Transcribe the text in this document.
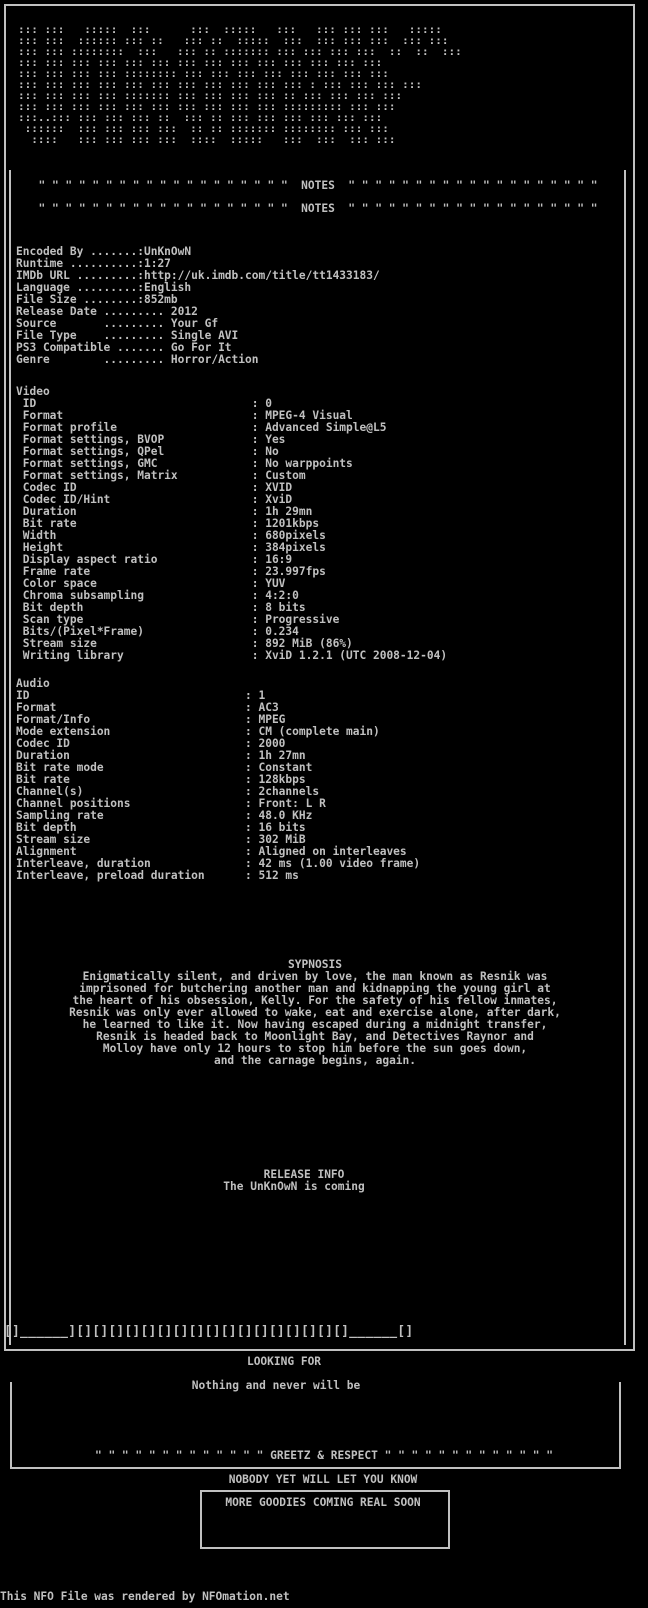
::: :::   :::::  :::      :::  :::::   :::   ::: ::: :::   :::::
::: :::  :::::: ::: ::   ::: ::  :::::  :::  ::: ::: :::  ::: :::
::: ::: ::::::::  :::   ::: :: ::::::: ::: ::: ::: :::  ::  ::  :::
::: ::: ::: ::: ::: ::: ::: ::: ::: ::: ::: ::: ::: :::
::: ::: ::: ::: :::::::: ::: ::: ::: ::: ::: ::: ::: :::
::: ::: ::: ::: ::: ::: ::: ::: ::: ::: ::: : ::: ::: ::: :::
::: ::: ::: ::: ::::::: ::: ::: ::: ::: :: ::: ::: ::: :::
::: ::: ::: ::: ::: ::: ::: ::: ::: ::: ::::::::: ::: :::
:::..::: ::: ::: ::: ::  ::: :: ::: ::: ::: ::: ::: :::
::::::  ::: ::: ::: :::  :: :: ::::::: :::::::: ::: :::
::::   ::: ::: ::: :::  ::::  :::::   :::  :::  ::: :::
" " " " " " " " " " " " " " " " " " "  NOTES  " " " " " " " " " " " " " " " " " " "
" " " " " " " " " " " " " " " " " " "  NOTES  " " " " " " " " " " " " " " " " " " "
Encoded By .......:UnKnOwN
Runtime ..........:1:27
IMDb URL .........:http://uk.imdb.com/title/tt1433183/
Language .........:English
File Size ........:852mb
Release Date ......... 2012
Source       ......... Your Gf
File Type    ......... Single AVI
PS3 Compatible ....... Go For It
Genre        ......... Horror/Action
Video
ID                                : 0
Format                            : MPEG-4 Visual
Format profile                    : Advanced Simple@L5
Format settings, BVOP             : Yes
Format settings, QPel             : No
Format settings, GMC              : No warppoints
Format settings, Matrix           : Custom
Codec ID                          : XVID
Codec ID/Hint                     : XviD
Duration                          : 1h 29mn
Bit rate                          : 1201kbps
Width                             : 680pixels
Height                            : 384pixels
Display aspect ratio              : 16:9
Frame rate                        : 23.997fps
Color space                       : YUV
Chroma subsampling                : 4:2:0
Bit depth                         : 8 bits
Scan type                         : Progressive
Bits/(Pixel*Frame)                : 0.234
Stream size                       : 892 MiB (86%)
Writing library                   : XviD 1.2.1 (UTC 2008-12-04)
Audio
ID                                : 1
Format                            : AC3
Format/Info                       : MPEG
Mode extension                    : CM (complete main)
Codec ID                          : 2000
Duration                          : 1h 27mn
Bit rate mode                     : Constant
Bit rate                          : 128kbps
Channel(s)                        : 2channels
Channel positions                 : Front: L R
Sampling rate                     : 48.0 KHz
Bit depth                         : 16 bits
Stream size                       : 302 MiB
Alignment                         : Aligned on interleaves
Interleave, duration              : 42 ms (1.00 video frame)
Interleave, preload duration      : 512 ms
SYPNOSIS
Enigmatically silent, and driven by love, the man known as Resnik was
imprisoned for butchering another man and kidnapping the young girl at
the heart of his obsession, Kelly. For the safety of his fellow inmates,
Resnik was only ever allowed to wake, eat and exercise alone, after dark,
he learned to like it. Now having escaped during a midnight transfer,
Resnik is headed back to Moonlight Bay, and Detectives Raynor and
Molloy have only 12 hours to stop him before the sun goes down,
and the carnage begins, again.
RELEASE INFO
The UnKnOwN is coming
[]______][][][][][][][][][][][][][][][][][]______[]
LOOKING FOR
Nothing and never will be
" " " " " " " " " " " " " GREETZ & RESPECT " " " " " " " " " " " " "
NOBODY YET WILL LET YOU KNOW
MORE GOODIES COMING REAL SOON
This NFO File was rendered by NFOmation.net
